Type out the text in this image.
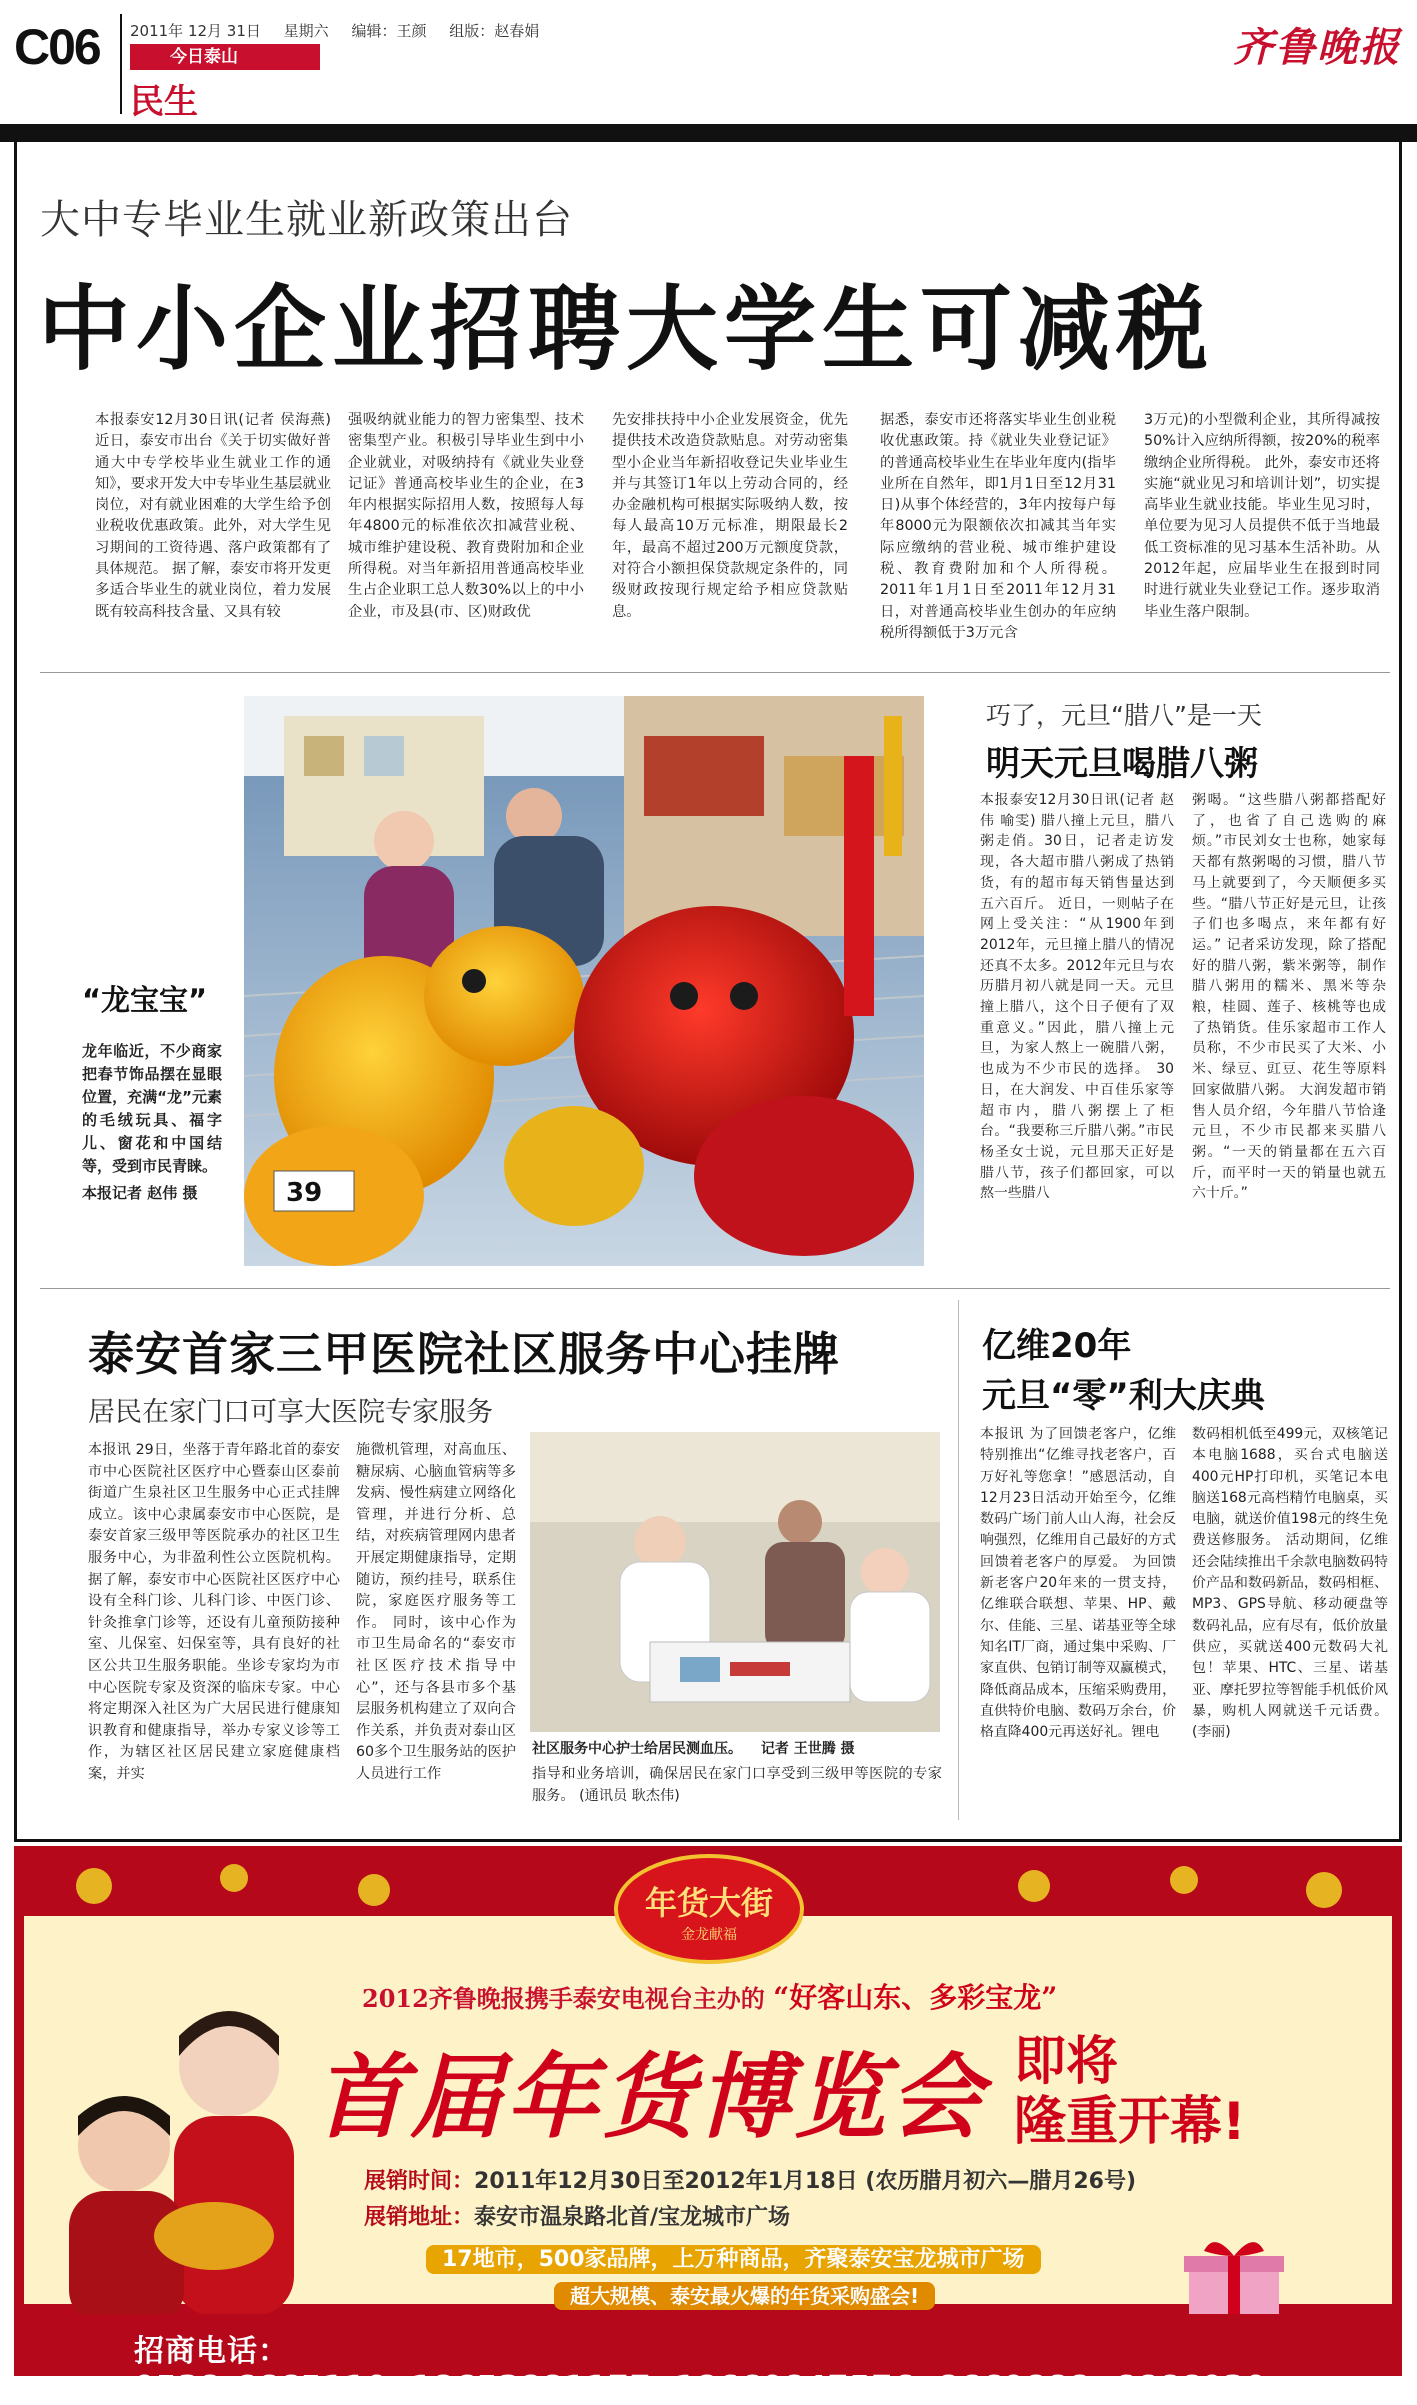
C06 2011年 12月 31日 星期六 编辑：王颜 组版：赵春娟
今日泰山
民生
齐鲁晚报
大中专毕业生就业新政策出台
中小企业招聘大学生可减税
本报泰安12月30日讯(记者 侯海燕) 近日，泰安市出台《关于切实做好普通大中专学校毕业生就业工作的通知》，要求开发大中专毕业生基层就业岗位，对有就业困难的大学生给予创业税收优惠政策。此外，对大学生见习期间的工资待遇、落户政策都有了具体规范。 据了解，泰安市将开发更多适合毕业生的就业岗位，着力发展既有较高科技含量、又具有较
强吸纳就业能力的智力密集型、技术密集型产业。积极引导毕业生到中小企业就业，对吸纳持有《就业失业登记证》普通高校毕业生的企业，在3年内根据实际招用人数，按照每人每年4800元的标准依次扣减营业税、城市维护建设税、教育费附加和企业所得税。对当年新招用普通高校毕业生占企业职工总人数30%以上的中小企业，市及县(市、区)财政优
先安排扶持中小企业发展资金，优先提供技术改造贷款贴息。对劳动密集型小企业当年新招收登记失业毕业生并与其签订1年以上劳动合同的，经办金融机构可根据实际吸纳人数，按每人最高10万元标准，期限最长2年，最高不超过200万元额度贷款，对符合小额担保贷款规定条件的，同级财政按现行规定给予相应贷款贴息。
据悉，泰安市还将落实毕业生创业税收优惠政策。持《就业失业登记证》的普通高校毕业生在毕业年度内(指毕业所在自然年，即1月1日至12月31日)从事个体经营的，3年内按每户每年8000元为限额依次扣减其当年实际应缴纳的营业税、城市维护建设税、教育费附加和个人所得税。2011年1月1日至2011年12月31日，对普通高校毕业生创办的年应纳税所得额低于3万元含
3万元)的小型微利企业，其所得减按50%计入应纳所得额，按20%的税率缴纳企业所得税。 此外，泰安市还将实施“就业见习和培训计划”，切实提高毕业生就业技能。毕业生见习时，单位要为见习人员提供不低于当地最低工资标准的见习基本生活补助。从2012年起，应届毕业生在报到时同时进行就业失业登记工作。逐步取消毕业生落户限制。
39
“龙宝宝”
龙年临近，不少商家把春节饰品摆在显眼位置，充满“龙”元素的毛绒玩具、福字儿、窗花和中国结等，受到市民青睐。
本报记者 赵伟 摄
巧了，元旦“腊八”是一天
明天元旦喝腊八粥
本报泰安12月30日讯(记者 赵伟 喻雯) 腊八撞上元旦，腊八粥走俏。30日，记者走访发现，各大超市腊八粥成了热销货，有的超市每天销售量达到五六百斤。 近日，一则帖子在网上受关注：“从1900年到2012年，元旦撞上腊八的情况还真不太多。2012年元旦与农历腊月初八就是同一天。元旦撞上腊八，这个日子便有了双重意义。”因此，腊八撞上元旦，为家人熬上一碗腊八粥，也成为不少市民的选择。 30日，在大润发、中百佳乐家等超市内，腊八粥摆上了柜台。“我要称三斤腊八粥。”市民杨圣女士说，元旦那天正好是腊八节，孩子们都回家，可以熬一些腊八
粥喝。“这些腊八粥都搭配好了，也省了自己选购的麻烦。”市民刘女士也称，她家每天都有熬粥喝的习惯，腊八节马上就要到了，今天顺便多买些。“腊八节正好是元旦，让孩子们也多喝点，来年都有好运。” 记者采访发现，除了搭配好的腊八粥，紫米粥等，制作腊八粥用的糯米、黑米等杂粮，桂圆、莲子、核桃等也成了热销货。佳乐家超市工作人员称，不少市民买了大米、小米、绿豆、豇豆、花生等原料回家做腊八粥。 大润发超市销售人员介绍，今年腊八节恰逢元旦，不少市民都来买腊八粥。“一天的销量都在五六百斤，而平时一天的销量也就五六十斤。”
泰安首家三甲医院社区服务中心挂牌
居民在家门口可享大医院专家服务
本报讯 29日，坐落于青年路北首的泰安市中心医院社区医疗中心暨泰山区泰前街道广生泉社区卫生服务中心正式挂牌成立。该中心隶属泰安市中心医院，是泰安首家三级甲等医院承办的社区卫生服务中心，为非盈利性公立医院机构。 据了解，泰安市中心医院社区医疗中心设有全科门诊、儿科门诊、中医门诊、针灸推拿门诊等，还设有儿童预防接种室、儿保室、妇保室等，具有良好的社区公共卫生服务职能。坐诊专家均为市中心医院专家及资深的临床专家。中心将定期深入社区为广大居民进行健康知识教育和健康指导，举办专家义诊等工作，为辖区社区居民建立家庭健康档案，并实
施微机管理，对高血压、糖尿病、心脑血管病等多发病、慢性病建立网络化管理，并进行分析、总结，对疾病管理网内患者开展定期健康指导，定期随访，预约挂号，联系住院，家庭医疗服务等工作。 同时，该中心作为市卫生局命名的“泰安市社区医疗技术指导中心”，还与各县市多个基层服务机构建立了双向合作关系，并负责对泰山区60多个卫生服务站的医护人员进行工作
社区服务中心护士给居民测血压。 记者 王世腾 摄
指导和业务培训，确保居民在家门口享受到三级甲等医院的专家服务。 (通讯员 耿杰伟)
亿维20年
元旦“零”利大庆典
本报讯 为了回馈老客户，亿维特别推出“亿维寻找老客户，百万好礼等您拿！”感恩活动，自12月23日活动开始至今，亿维数码广场门前人山人海，社会反响强烈，亿维用自己最好的方式回馈着老客户的厚爱。 为回馈新老客户20年来的一贯支持，亿维联合联想、苹果、HP、戴尔、佳能、三星、诺基亚等全球知名IT厂商，通过集中采购、厂家直供、包销订制等双赢模式，降低商品成本，压缩采购费用，直供特价电脑、数码万余台，价格直降400元再送好礼。锂电
数码相机低至499元，双核笔记本电脑1688，买台式电脑送400元HP打印机，买笔记本电脑送168元高档精竹电脑桌，买电脑，就送价值198元的终生免费送修服务。 活动期间，亿维还会陆续推出千余款电脑数码特价产品和数码新品，数码相框、MP3、GPS导航、移动硬盘等数码礼品，应有尽有，低价放量供应，买就送400元数码大礼包！苹果、HTC、三星、诺基亚、摩托罗拉等智能手机低价风暴，购机人网就送千元话费。 (李丽)
年货大街
金龙献福
2012齐鲁晚报携手泰安电视台主办的 “好客山东、多彩宝龙”
首届年货博览会 即将
隆重开幕!
展销时间：2011年12月30日至2012年1月18日 (农历腊月初六—腊月26号)
展销地址：泰安市温泉路北首/宝龙城市广场
17地市，500家品牌，上万种商品，齐聚泰安宝龙城市广场
超大规模、泰安最火爆的年货采购盛会!
招商电话：0538-6665110  18653881177  18660847576  8669888  6666030
